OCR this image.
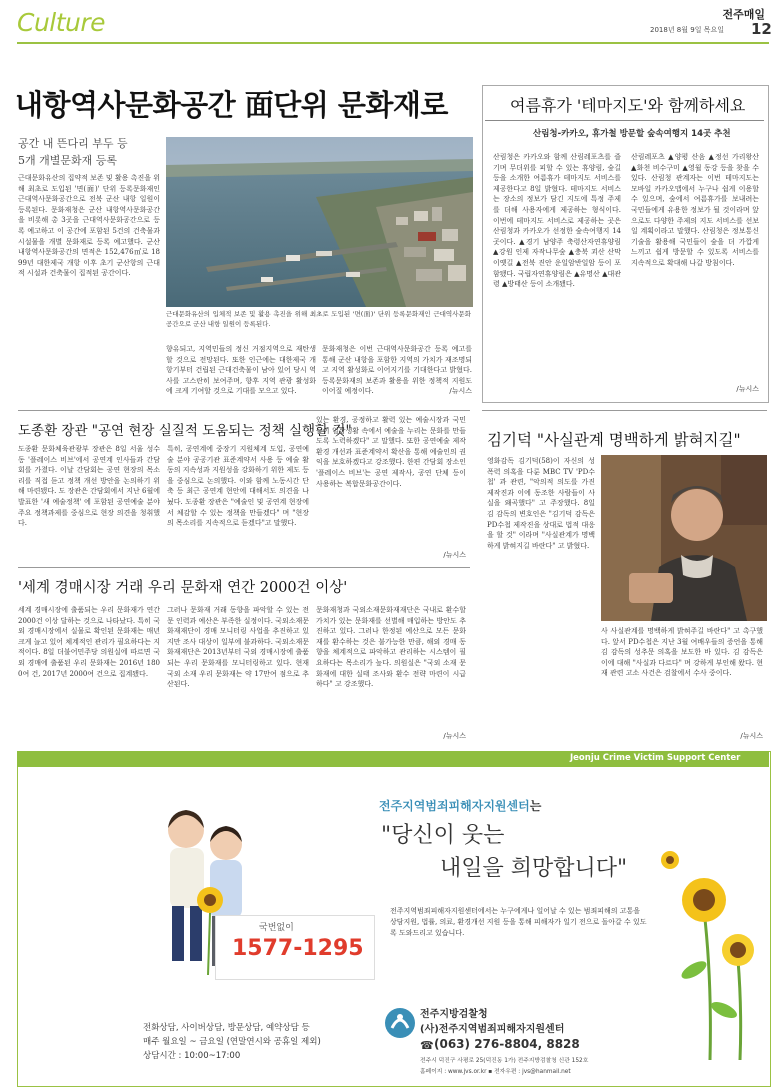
Culture	전주매일
2018년 8월 9일 목요일 12
내항역사문화공간 面단위 문화재로
공간 내 뜬다리 부두 등
5개 개별문화재 등록
근대문화유산의 집약적 보존 및 활용 촉진을 위해 최초로 도입된 '면(面)' 단위 등록문화재인 근대역사문화공간으로 전북 군산 내항 일원이 등록된다. 문화재청은 군산 내항역사문화공간을 비롯해 총 3곳을 근대역사문화공간으로 등록 예고하고 이 공간에 포함된 5건의 건축물과 시설물을 개별 문화재로 등록 예고했다. 군산 내항역사문화공간의 면적은 152,476㎡로 1899년 대한제국 개항 이후 초기 군산항의 근대적 시설과 건축물이 집적된 공간이다.
근대문화유산의 입체적 보존 및 활용 촉진을 위해 최초로 도입된 '면(面)' 단위 등록문화재인 근대역사문화 공간으로 군산 내항 일원이 등록된다.
향유되고, 지역민들의 정신 거점지역으로 재탄생할 것으로 전망된다. 또한 인근에는 대한제국 개항기부터 건립된 근대건축물이 남아 있어 당시 역사를 고스란히 보여주며, 향후 지역 관광 활성화에 크게 기여할 것으로 기대를 모으고 있다.
문화재청은 이번 근대역사문화공간 등록 예고를 통해 군산 내항을 포함한 지역의 가치가 재조명되고 지역 활성화로 이어지기를 기대한다고 밝혔다. 등록문화재의 보존과 활용을 위한 정책적 지원도 이어질 예정이다.	/뉴시스
여름휴가 '테마지도'와 함께하세요
산림청-카카오, 휴가철 방문할 숲속여행지 14곳 추천
산림청은 카카오와 함께 산림레포츠를 즐기며 무더위를 피할 수 있는 휴양림, 숲길 등을 소개한 여름휴가 테마지도 서비스를 제공한다고 8일 밝혔다. 테마지도 서비스는 장소의 정보가 담긴 지도에 특정 주제를 더해 사용자에게 제공하는 형식이다. 이번에 테마지도 서비스로 제공하는 곳은 산림청과 카카오가 선정한 숲속여행지 14곳이다. ▲경기 남양주 축령산자연휴양림 ▲강원 인제 자작나무숲 ▲충북 괴산 산막이옛길 ▲전북 진안 운일암반일암 등이 포함됐다. 국립자연휴양림은 ▲유명산 ▲대관령 ▲방태산 등이 소개됐다.
산림레포츠 ▲양평 산음 ▲정선 가리왕산 ▲화천 비수구미 ▲영월 동강 등을 찾을 수 있다. 산림청 관계자는 이번 테마지도는 모바일 카카오맵에서 누구나 쉽게 이용할 수 있으며, 숲에서 여름휴가를 보내려는 국민들에게 유용한 정보가 될 것이라며 앞으로도 다양한 주제의 지도 서비스를 선보일 계획이라고 말했다. 산림청은 정보통신기술을 활용해 국민들이 숲을 더 가깝게 느끼고 쉽게 방문할 수 있도록 서비스를 지속적으로 확대해 나갈 방침이다.
/뉴시스
도종환 장관 "공연 현장 실질적 도움되는 정책 실행할 것"
도종환 문화체육관광부 장관은 8일 서울 성수동 '플레이스 비브'에서 공연계 인사들과 간담회를 가졌다. 이날 간담회는 공연 현장의 목소리를 직접 듣고 정책 개선 방안을 논의하기 위해 마련됐다. 도 장관은 간담회에서 지난 6월에 발표한 '새 예술정책' 에 포함된 공연예술 분야 주요 정책과제를 중심으로 현장 의견을 청취했다.
특히, 공연계에 중장기 지원체계 도입, 공연예술 분야 공공기관 표준계약서 사용 등 예술 활동의 지속성과 지원성을 강화하기 위한 제도 등을 중심으로 논의했다. 이와 함께 노동시간 단축 등 최근 공연계 현안에 대해서도 의견을 나눴다. 도종환 장관은 "예술인 및 공연계 현장에서 체감할 수 있는 정책을 만들겠다" 며 "현장의 목소리를 지속적으로 듣겠다"고 말했다.
있는 환경, 공정하고 활력 있는 예술시장과 국민들이 일상생활 속에서 예술을 누리는 문화를 만들도록 노력하겠다" 고 말했다. 또한 공연예술 제작 환경 개선과 표준계약서 확산을 통해 예술인의 권익을 보호하겠다고 강조했다. 한편 간담회 장소인 '플레이스 비브'는 공연 제작사, 공연 단체 등이 사용하는 복합문화공간이다.
/뉴시스
'세계 경매시장 거래 우리 문화재 연간 2000건 이상'
세계 경매시장에 출품되는 우리 문화재가 연간 2000건 이상 달하는 것으로 나타났다. 특히 국외 경매시장에서 실물로 확인된 문화재는 매년 크게 늘고 있어 체계적인 관리가 필요하다는 지적이다. 8일 더불어민주당 의원실에 따르면 국외 경매에 출품된 우리 문화재는 2016년 1800여 건, 2017년 2000여 건으로 집계됐다.
그러나 문화재 거래 동향을 파악할 수 있는 전문 인력과 예산은 부족한 실정이다. 국외소재문화재재단이 경매 모니터링 사업을 추진하고 있지만 조사 대상이 일부에 불과하다. 국외소재문화재재단은 2013년부터 국외 경매시장에 출품되는 우리 문화재를 모니터링하고 있다. 현재 국외 소재 우리 문화재는 약 17만여 점으로 추산된다.
문화재청과 국외소재문화재재단은 국내로 환수할 가치가 있는 문화재를 선별해 매입하는 방안도 추진하고 있다. 그러나 한정된 예산으로 모든 문화재를 환수하는 것은 불가능한 만큼, 해외 경매 동향을 체계적으로 파악하고 관리하는 시스템이 필요하다는 목소리가 높다. 의원실은 "국외 소재 문화재에 대한 실태 조사와 환수 전략 마련이 시급하다" 고 강조했다.
/뉴시스
김기덕 "사실관계 명백하게 밝혀지길"
영화감독 김기덕(58)이 자신의 성폭력 의혹을 다룬 MBC TV 'PD수첩' 과 관련, "악의적 의도를 가진 제작진과 이에 동조한 사람들이 사실을 왜곡했다" 고 주장했다. 8일 김 감독의 변호인은 "김기덕 감독은 PD수첩 제작진을 상대로 법적 대응을 할 것" 이라며 "사실관계가 명백하게 밝혀지길 바란다" 고 밝혔다.
사 사실관계를 명백하게 밝혀주길 바란다" 고 촉구했다. 앞서 PD수첩은 지난 3월 여배우들의 증언을 통해 김 감독의 성추문 의혹을 보도한 바 있다. 김 감독은 이에 대해 "사실과 다르다" 며 강하게 부인해 왔다. 현재 관련 고소 사건은 검찰에서 수사 중이다.
/뉴시스
Jeonju Crime Victim Support Center
전주지역범죄피해자지원센터는
"당신이 웃는
내일을 희망합니다"
전주지역범죄피해자지원센터에서는 누구에게나 일어날 수 있는 범죄피해의 고통을 상담지원, 법률, 의료, 환경개선 지원 등을 통해 피해자가 일기 전으로 돌아갈 수 있도록 도와드리고 있습니다.
국번없이
1577-1295
전화상담, 사이버상담, 방문상담, 예약상담 등
매주 월요일 ~ 금요일 (연말연시와 공휴일 제외)
상담시간 : 10:00~17:00
전주지방검찰청
(사)전주지역범죄피해자지원센터
☎ (063) 276-8804, 8828
전주시 덕진구 사평로 25(덕진동 1가) 전주지방검찰청 신관 152호
홈페이지 : www.jvs.or.kr ▪ 전자우편 : jvs@hanmail.net
